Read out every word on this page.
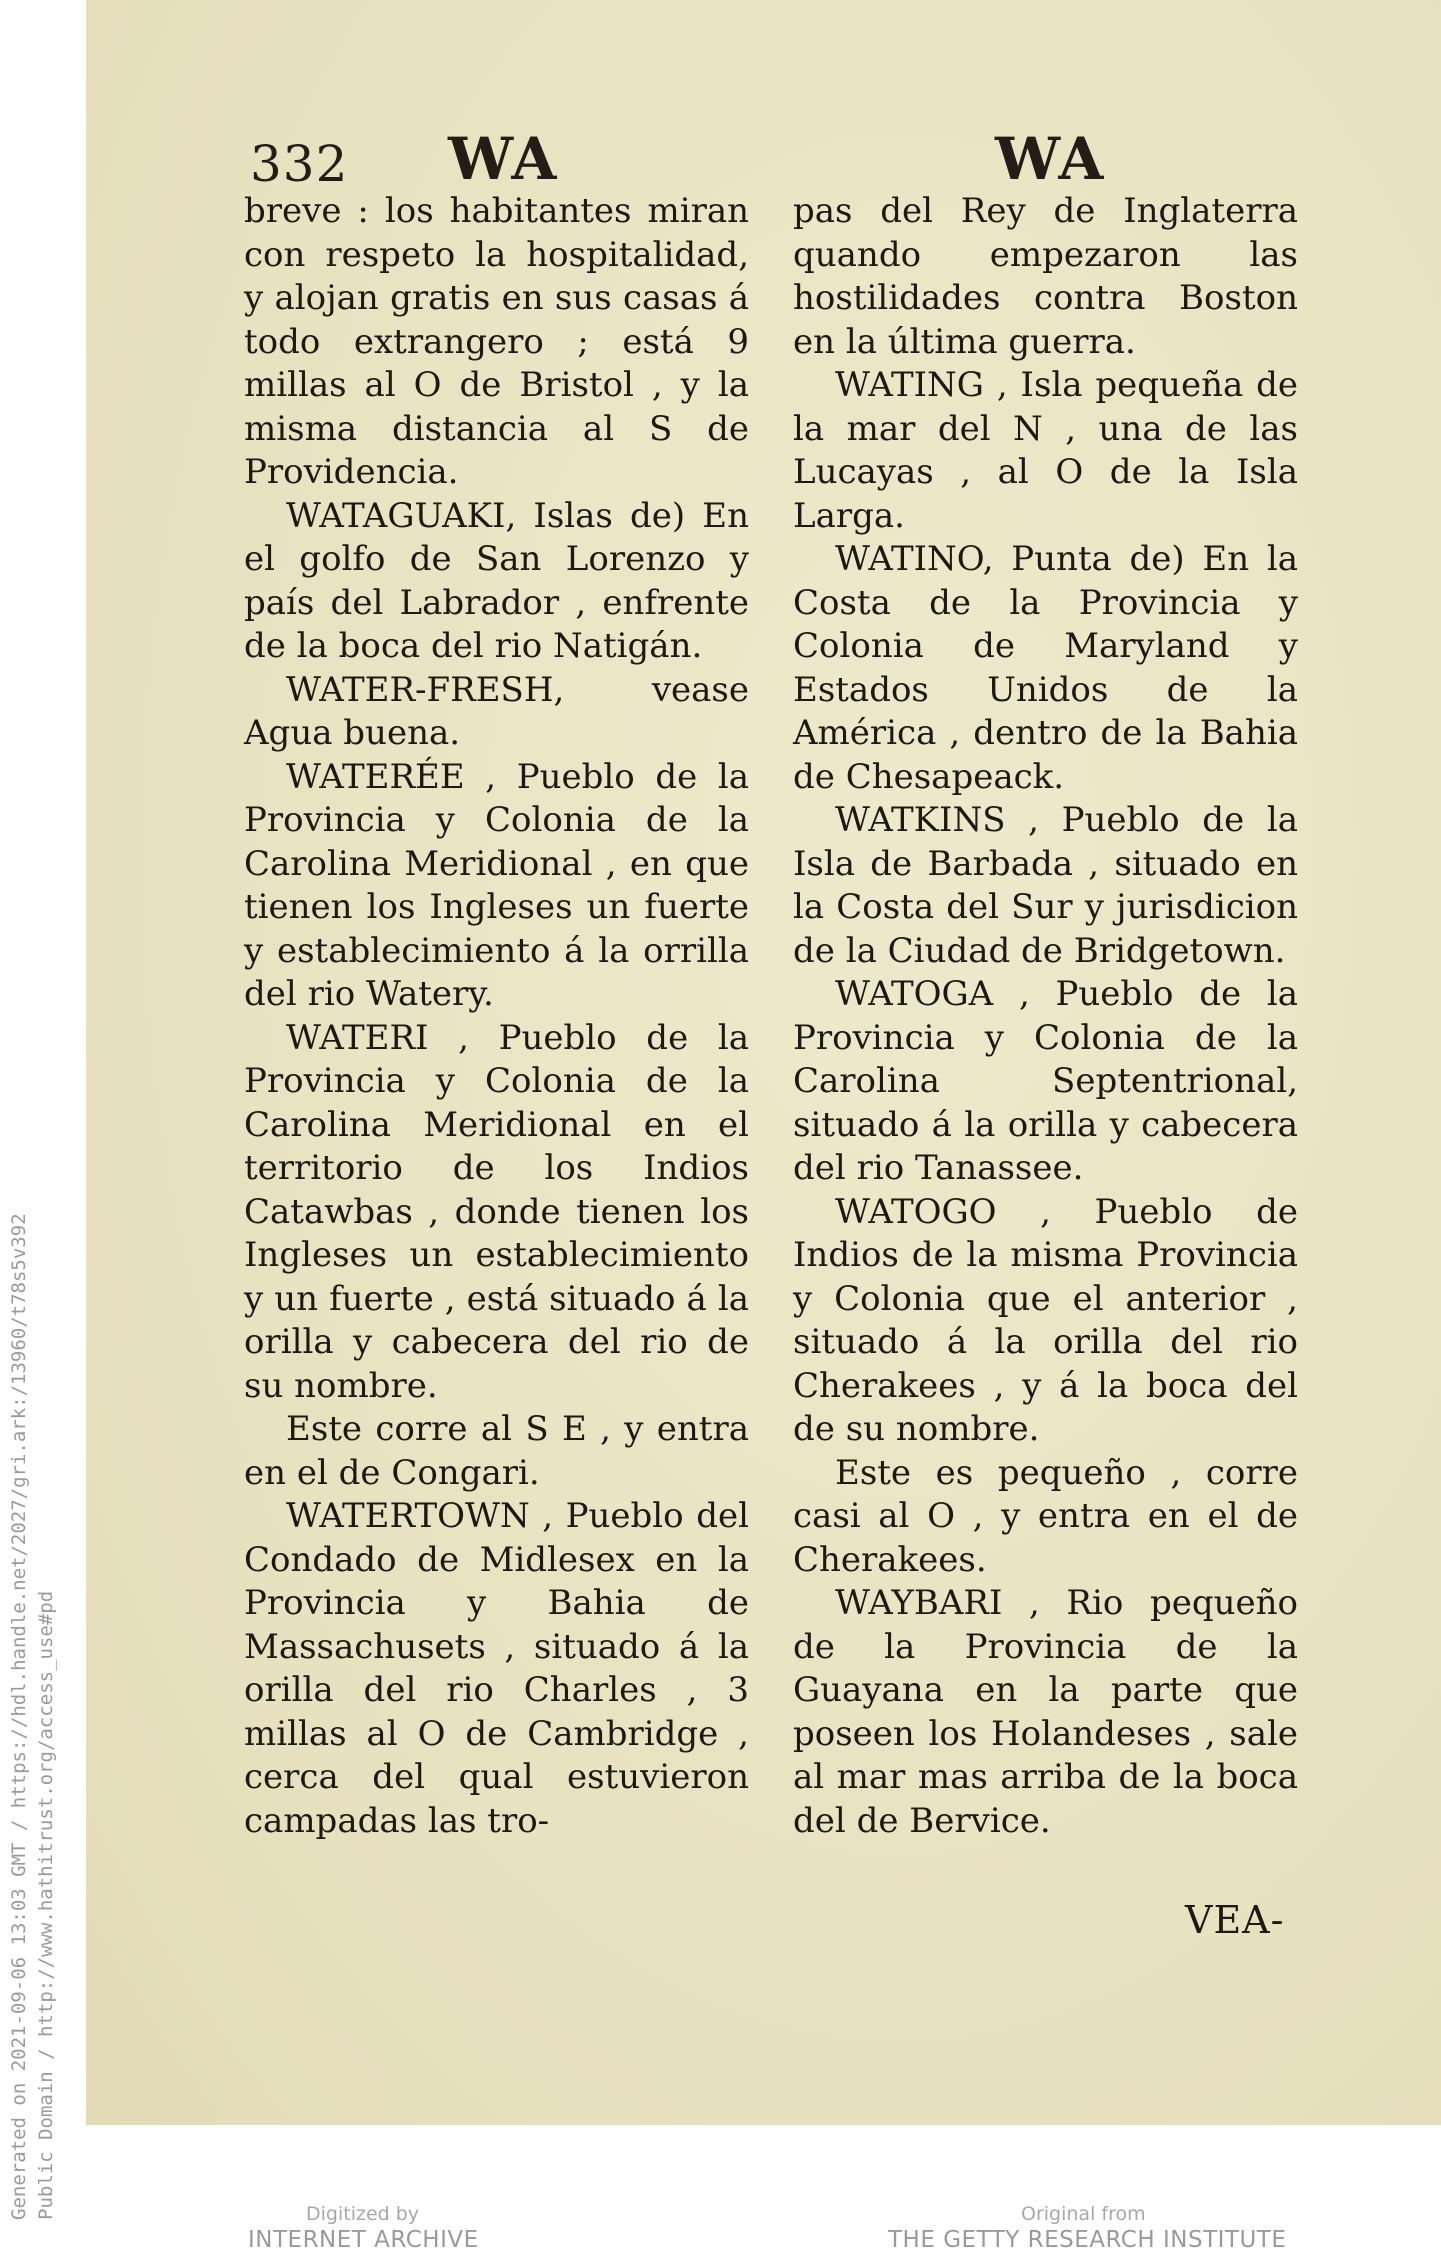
Generated on 2021-09-06 13:03 GMT / https://hdl.handle.net/2027/gri.ark:/13960/t78s5v392 Public Domain / http://www.hathitrust.org/access_use#pd
332 WA	WA

breve : los habitantes miran con respeto la hospitalidad, y alojan gratis en sus casas á todo extrangero ; está 9 millas al O de Bristol , y la misma distancia al S de Providencia.

WATAGUAKI, Islas de) En el golfo de San Lorenzo y país del Labrador , enfrente de la boca del rio Natigán.

WATER-FRESH, vease Agua buena.

WATERÉE , Pueblo de la Provincia y Colonia de la Carolina Meridional , en que tienen los Ingleses un fuerte y establecimiento á la orrilla del rio Watery.

WATERI , Pueblo de la Provincia y Colonia de la Carolina Meridional en el territorio de los Indios Catawbas , donde tienen los Ingleses un establecimiento y un fuerte , está situado á la orilla y cabecera del rio de su nombre.

Este corre al S E , y entra en el de Congari.

WATERTOWN , Pueblo del Condado de Midlesex en la Provincia y Bahia de Massachusets , situado á la orilla del rio Charles , 3 millas al O de Cambridge , cerca del qual estuvieron campadas las tro-

pas del Rey de Inglaterra quando empezaron las hostilidades contra Boston en la última guerra.

WATING , Isla pequeña de la mar del N , una de las Lucayas , al O de la Isla Larga.

WATINO, Punta de) En la Costa de la Provincia y Colonia de Maryland y Estados Unidos de la América , dentro de la Bahia de Chesapeack.

WATKINS , Pueblo de la Isla de Barbada , situado en la Costa del Sur y jurisdicion de la Ciudad de Bridgetown.

WATOGA , Pueblo de la Provincia y Colonia de la Carolina Septentrional, situado á la orilla y cabecera del rio Tanassee.

WATOGO , Pueblo de Indios de la misma Provincia y Colonia que el anterior , situado á la orilla del rio Cherakees , y á la boca del de su nombre.

Este es pequeño , corre casi al O , y entra en el de Cherakees.

WAYBARI , Rio pequeño de la Provincia de la Guayana en la parte que poseen los Holandeses , sale al mar mas arriba de la boca del de Bervice.

VEA-
Digitized by
INTERNET ARCHIVE
Original from
THE GETTY RESEARCH INSTITUTE
